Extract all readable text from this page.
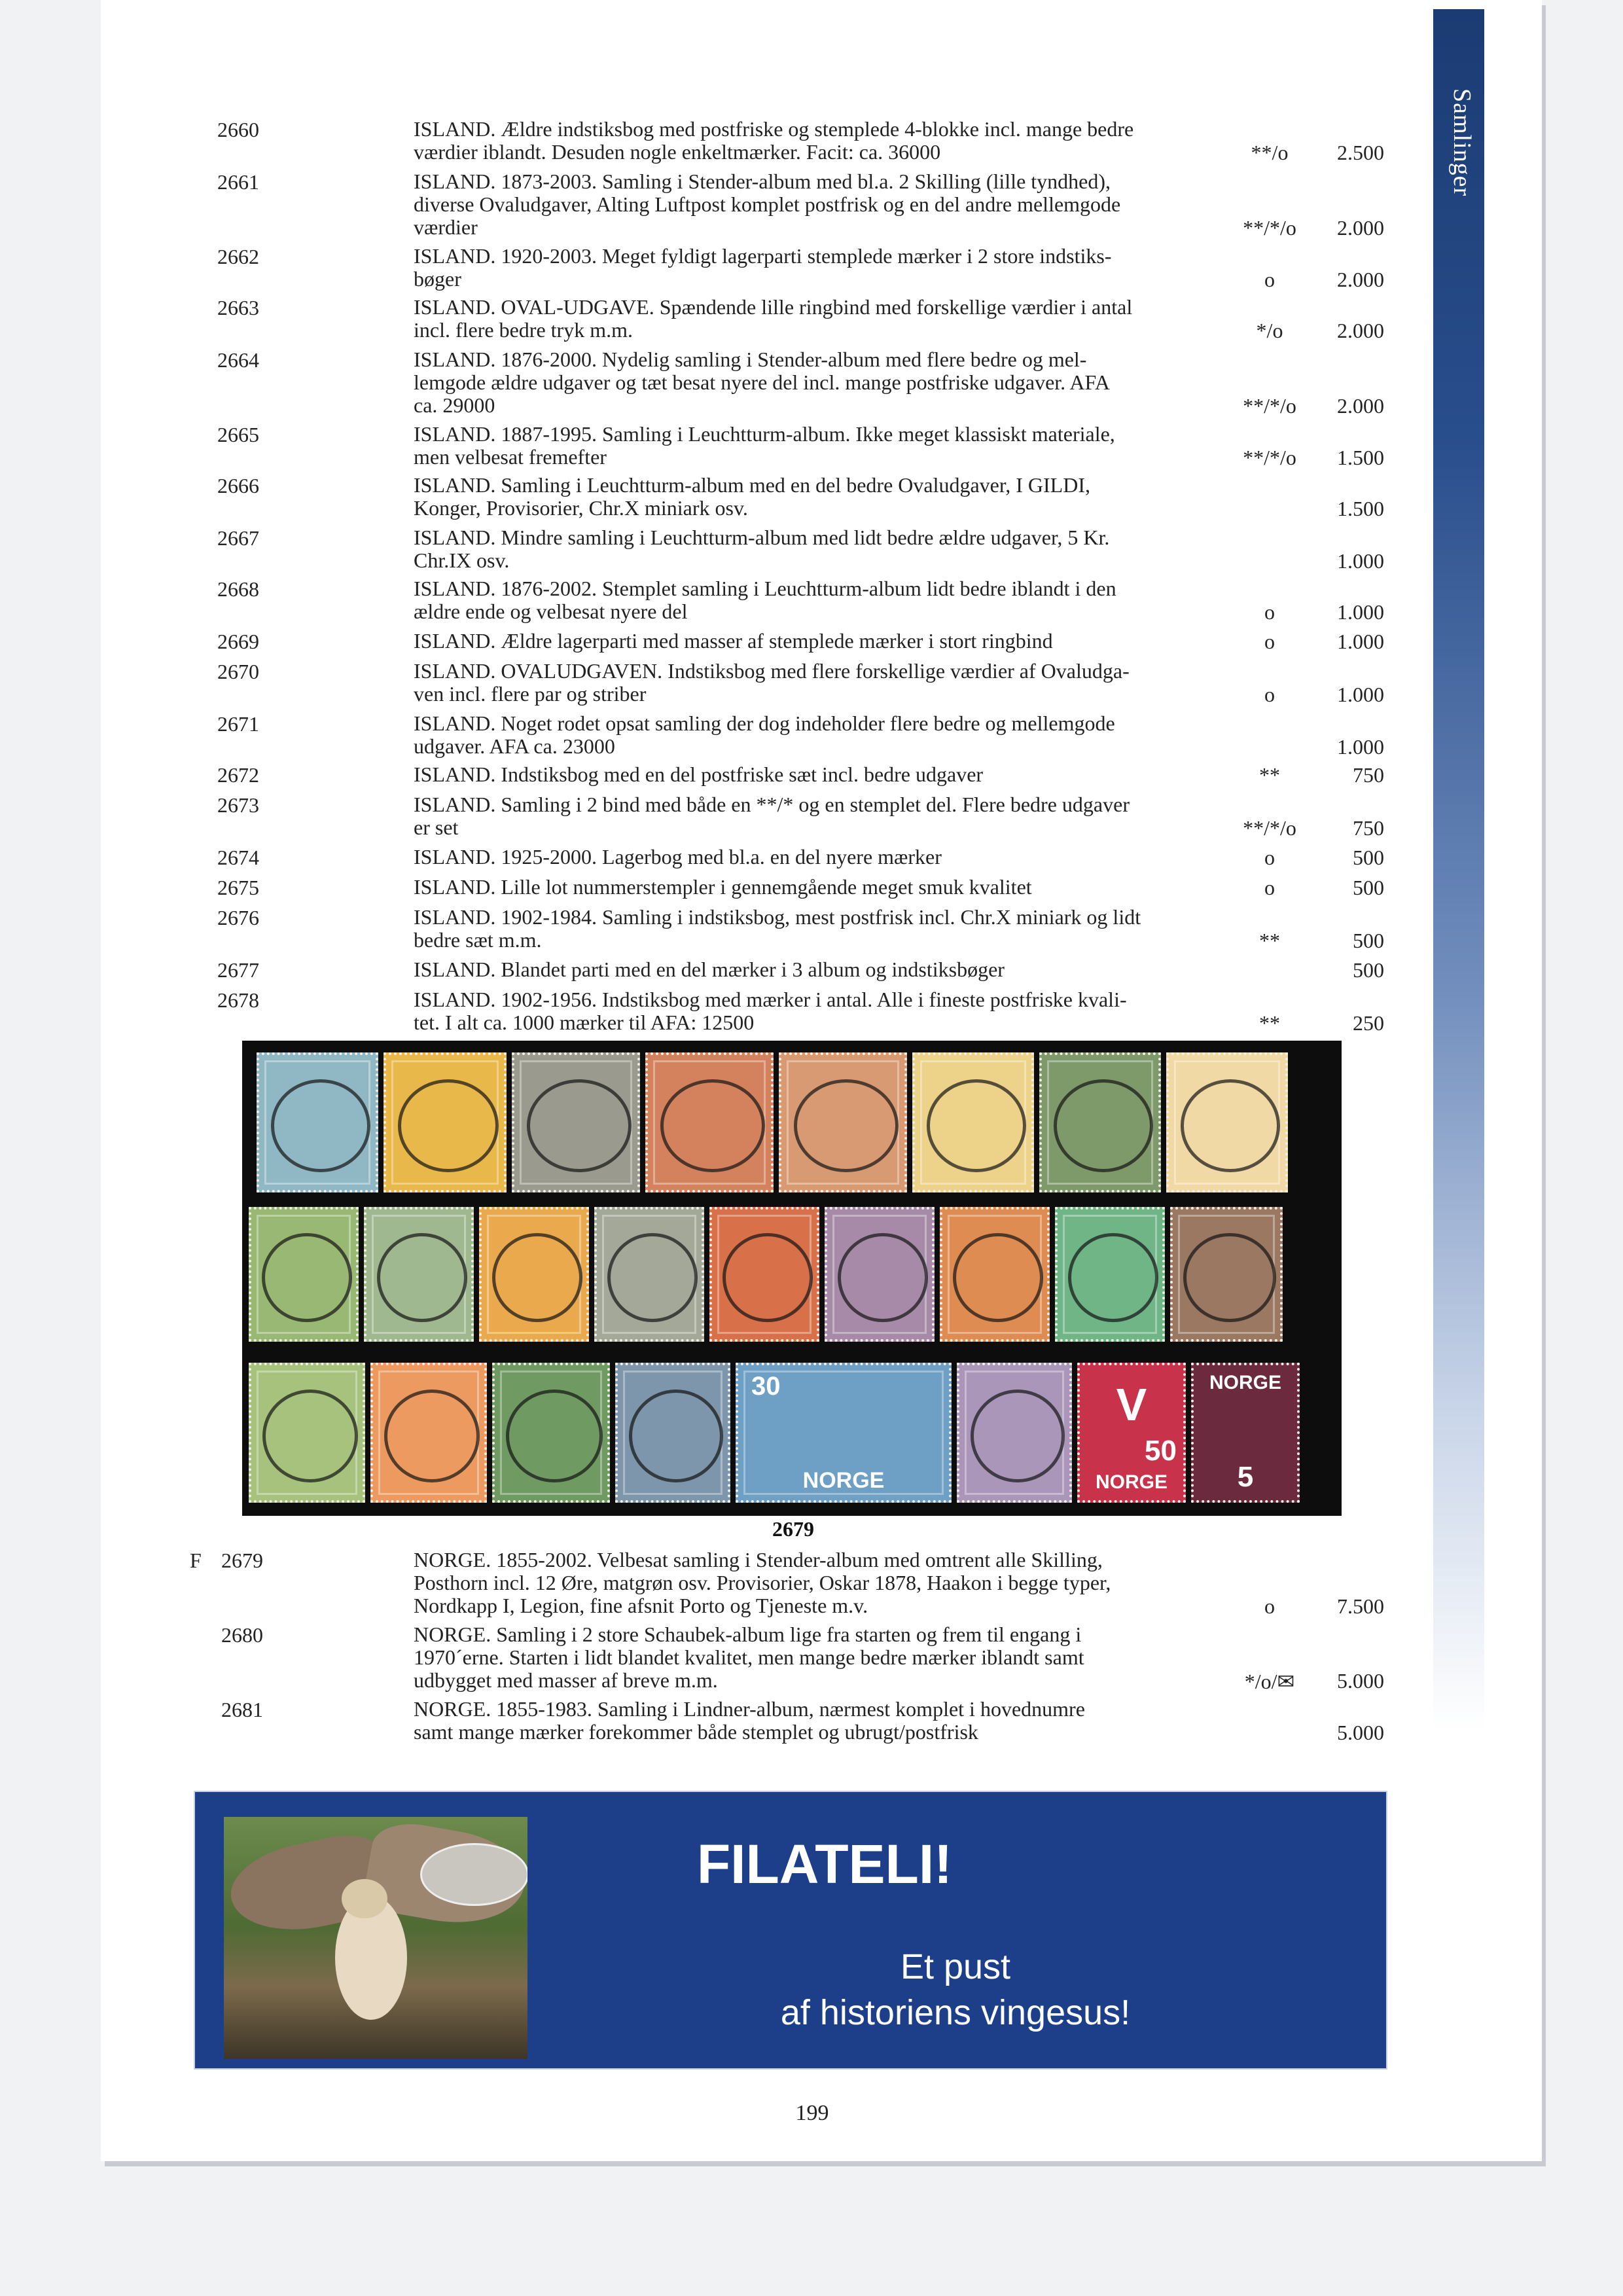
Samlinger
2660	ISLAND. Ældre indstiksbog med postfriske og stemplede 4-blokke incl. mange bedre
værdier iblandt. Desuden nogle enkeltmærker. Facit: ca. 36000	**/o	2.500
2661	ISLAND. 1873-2003. Samling i Stender-album med bl.a. 2 Skilling (lille tyndhed),
diverse Ovaludgaver, Alting Luftpost komplet postfrisk og en del andre mellemgode
værdier	**/*/o	2.000
2662	ISLAND. 1920-2003. Meget fyldigt lagerparti stemplede mærker i 2 store indstiks-
bøger	o	2.000
2663	ISLAND. OVAL-UDGAVE. Spændende lille ringbind med forskellige værdier i antal
incl. flere bedre tryk m.m.	*/o	2.000
2664	ISLAND. 1876-2000. Nydelig samling i Stender-album med flere bedre og mel-
lemgode ældre udgaver og tæt besat nyere del incl. mange postfriske udgaver. AFA
ca. 29000	**/*/o	2.000
2665	ISLAND. 1887-1995. Samling i Leuchtturm-album. Ikke meget klassiskt materiale,
men velbesat fremefter	**/*/o	1.500
2666	ISLAND. Samling i Leuchtturm-album med en del bedre Ovaludgaver, I GILDI,
Konger, Provisorier, Chr.X miniark osv.	1.500
2667	ISLAND. Mindre samling i Leuchtturm-album med lidt bedre ældre udgaver, 5 Kr.
Chr.IX osv.	1.000
2668	ISLAND. 1876-2002. Stemplet samling i Leuchtturm-album lidt bedre iblandt i den
ældre ende og velbesat nyere del	o	1.000
2669	ISLAND. Ældre lagerparti med masser af stemplede mærker i stort ringbind	o	1.000
2670	ISLAND. OVALUDGAVEN. Indstiksbog med flere forskellige værdier af Ovaludga-
ven incl. flere par og striber	o	1.000
2671	ISLAND. Noget rodet opsat samling der dog indeholder flere bedre og mellemgode
udgaver. AFA ca. 23000	1.000
2672	ISLAND. Indstiksbog med en del postfriske sæt incl. bedre udgaver	**	750
2673	ISLAND. Samling i 2 bind med både en **/* og en stemplet del. Flere bedre udgaver
er set	**/*/o	750
2674	ISLAND. 1925-2000. Lagerbog med bl.a. en del nyere mærker	o	500
2675	ISLAND. Lille lot nummerstempler i gennemgående meget smuk kvalitet	o	500
2676	ISLAND. 1902-1984. Samling i indstiksbog, mest postfrisk incl. Chr.X miniark og lidt
bedre sæt m.m.	**	500
2677	ISLAND. Blandet parti med en del mærker i 3 album og indstiksbøger	500
2678	ISLAND. 1902-1956. Indstiksbog med mærker i antal. Alle i fineste postfriske kvali-
tet. I alt ca. 1000 mærker til AFA: 12500	**	250
30
NORGE
V
50
NORGE
NORGE
5
2679
F 2679	NORGE. 1855-2002. Velbesat samling i Stender-album med omtrent alle Skilling,
Posthorn incl. 12 Øre, matgrøn osv. Provisorier, Oskar 1878, Haakon i begge typer,
Nordkapp I, Legion, fine afsnit Porto og Tjeneste m.v.	o	7.500
2680	NORGE. Samling i 2 store Schaubek-album lige fra starten og frem til engang i
1970´erne. Starten i lidt blandet kvalitet, men mange bedre mærker iblandt samt
udbygget med masser af breve m.m.	*/o/✉	5.000
2681	NORGE. 1855-1983. Samling i Lindner-album, nærmest komplet i hovednumre
samt mange mærker forekommer både stemplet og ubrugt/postfrisk	5.000
FILATELI!
Et pust
af historiens vingesus!
199
